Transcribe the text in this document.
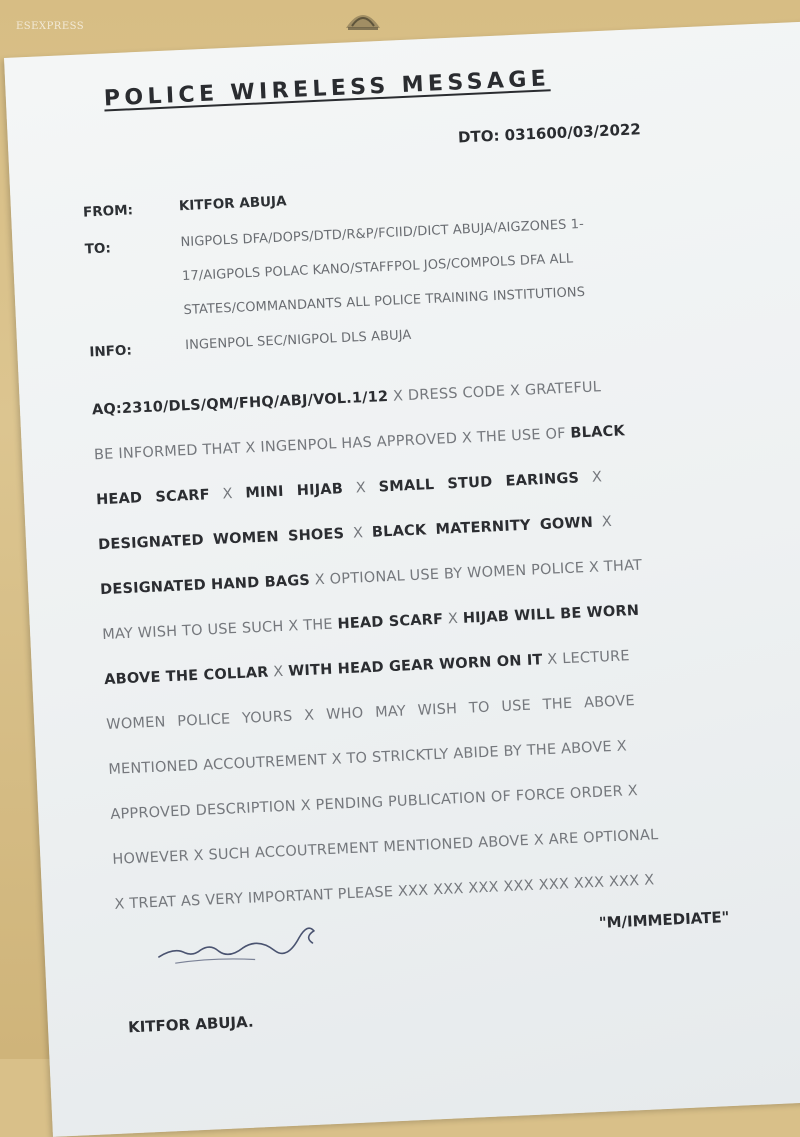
ESEXPRESS
POLICE WIRELESS MESSAGE
DTO: 031600/03/2022
FROM:	KITFOR ABUJA
TO:	NIGPOLS DFA/DOPS/DTD/R&P/FCIID/DICT ABUJA/AIGZONES 1-
17/AIGPOLS POLAC KANO/STAFFPOL JOS/COMPOLS DFA ALL
STATES/COMMANDANTS ALL POLICE TRAINING INSTITUTIONS
INFO:	INGENPOL SEC/NIGPOL DLS ABUJA
AQ:2310/DLS/QM/FHQ/ABJ/VOL.1/12 X DRESS CODE X GRATEFUL
BE INFORMED THAT X INGENPOL HAS APPROVED X THE USE OF BLACK
HEAD SCARF X MINI HIJAB X SMALL STUD EARINGS X
DESIGNATED WOMEN SHOES X BLACK MATERNITY GOWN X
DESIGNATED HAND BAGS X OPTIONAL USE BY WOMEN POLICE X THAT
MAY WISH TO USE SUCH X THE HEAD SCARF X HIJAB WILL BE WORN
ABOVE THE COLLAR X WITH HEAD GEAR WORN ON IT X LECTURE
WOMEN POLICE YOURS X WHO MAY WISH TO USE THE ABOVE
MENTIONED ACCOUTREMENT X TO STRICKTLY ABIDE BY THE ABOVE X
APPROVED DESCRIPTION X PENDING PUBLICATION OF FORCE ORDER X
HOWEVER X SUCH ACCOUTREMENT MENTIONED ABOVE X ARE OPTIONAL
X TREAT AS VERY IMPORTANT PLEASE XXX XXX XXX XXX XXX XXX XXX X
"M/IMMEDIATE"
KITFOR ABUJA.
